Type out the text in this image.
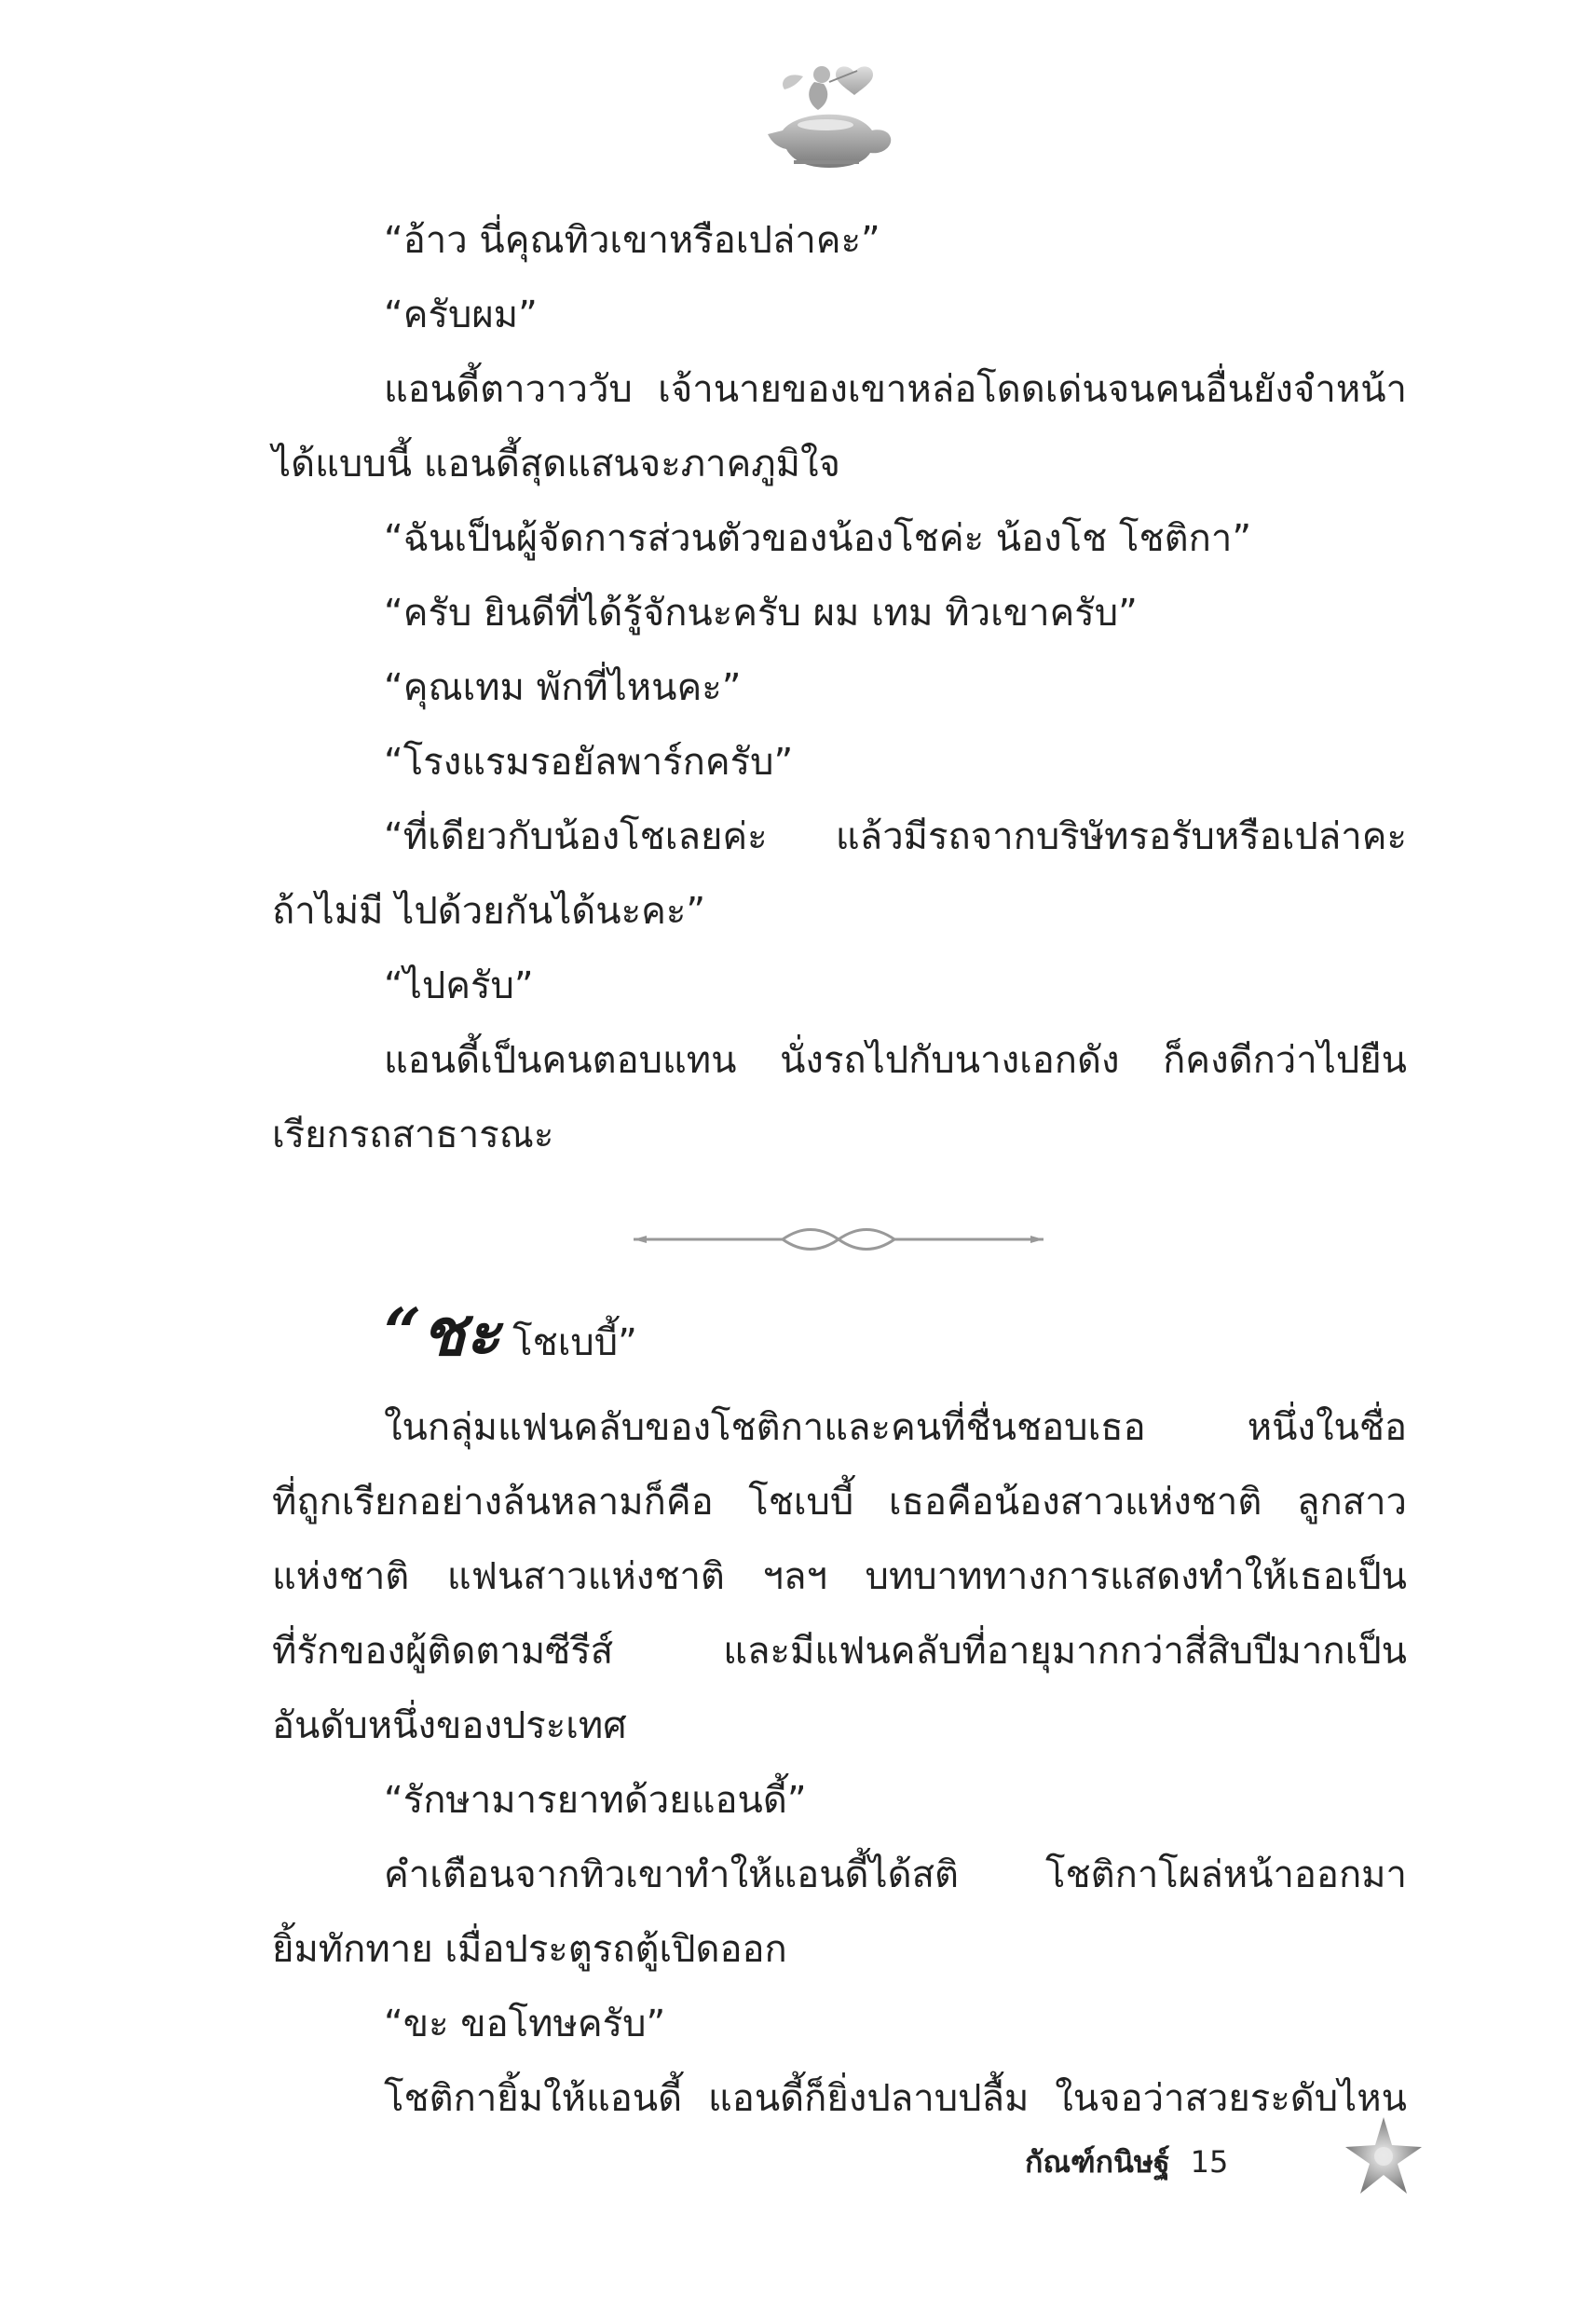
“อ้าว นี่คุณทิวเขาหรือเปล่าคะ”
“ครับผม”
แอนดี้ตาวาววับ เจ้านายของเขาหล่อโดดเด่นจนคนอื่นยังจำหน้า
ได้แบบนี้ แอนดี้สุดแสนจะภาคภูมิใจ
“ฉันเป็นผู้จัดการส่วนตัวของน้องโชค่ะ น้องโช โชติกา”
“ครับ ยินดีที่ได้รู้จักนะครับ ผม เทม ทิวเขาครับ”
“คุณเทม พักที่ไหนคะ”
“โรงแรมรอยัลพาร์กครับ”
“ที่เดียวกับน้องโชเลยค่ะ แล้วมีรถจากบริษัทรอรับหรือเปล่าคะ
ถ้าไม่มี ไปด้วยกันได้นะคะ”
“ไปครับ”
แอนดี้เป็นคนตอบแทน นั่งรถไปกับนางเอกดัง ก็คงดีกว่าไปยืน
เรียกรถสาธารณะ
“ชะ โชเบบี้”
ในกลุ่มแฟนคลับของโชติกาและคนที่ชื่นชอบเธอ หนึ่งในชื่อ
ที่ถูกเรียกอย่างล้นหลามก็คือ โชเบบี้ เธอคือน้องสาวแห่งชาติ ลูกสาว
แห่งชาติ แฟนสาวแห่งชาติ ฯลฯ บทบาททางการแสดงทำให้เธอเป็น
ที่รักของผู้ติดตามซีรีส์ และมีแฟนคลับที่อายุมากกว่าสี่สิบปีมากเป็น
อันดับหนึ่งของประเทศ
“รักษามารยาทด้วยแอนดี้”
คำเตือนจากทิวเขาทำให้แอนดี้ได้สติ โชติกาโผล่หน้าออกมา
ยิ้มทักทาย เมื่อประตูรถตู้เปิดออก
“ขะ ขอโทษครับ”
โชติกายิ้มให้แอนดี้ แอนดี้ก็ยิ่งปลาบปลื้ม ในจอว่าสวยระดับไหน
กัณฑ์กนิษฐ์ 15
